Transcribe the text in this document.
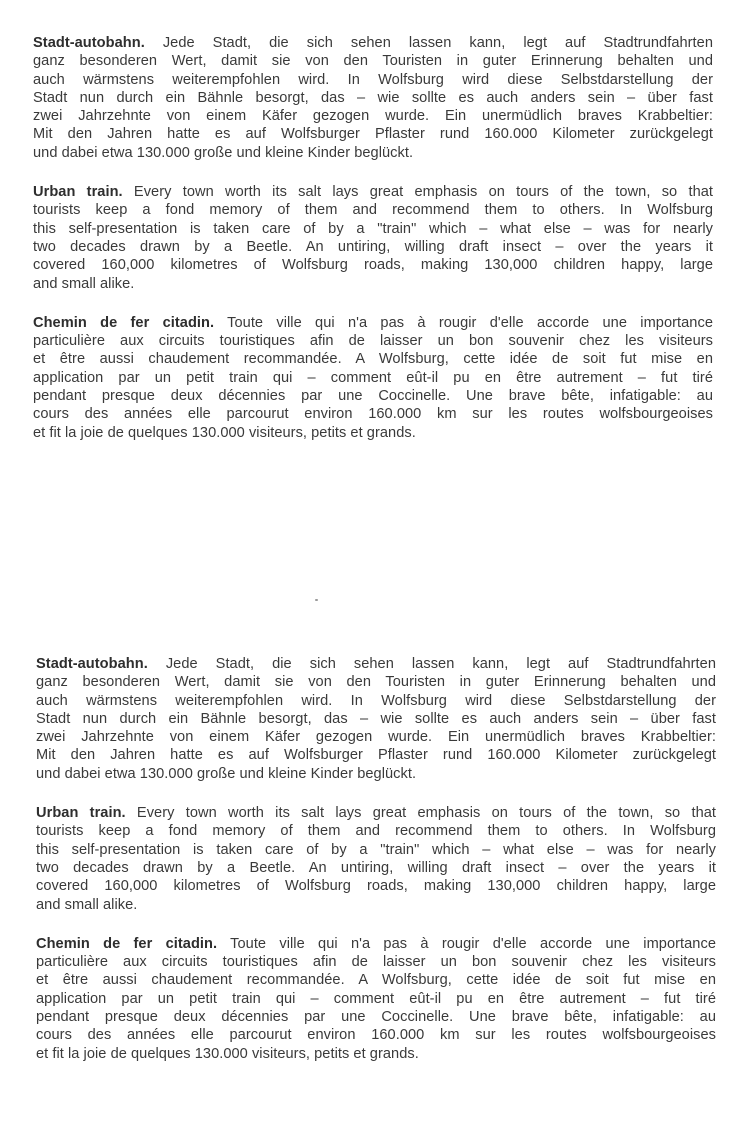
Stadt-autobahn. Jede Stadt, die sich sehen lassen kann, legt auf Stadtrundfahrten
ganz besonderen Wert, damit sie von den Touristen in guter Erinnerung behalten und
auch wärmstens weiterempfohlen wird. In Wolfsburg wird diese Selbstdarstellung der
Stadt nun durch ein Bähnle besorgt, das – wie sollte es auch anders sein – über fast
zwei Jahrzehnte von einem Käfer gezogen wurde. Ein unermüdlich braves Krabbeltier:
Mit den Jahren hatte es auf Wolfsburger Pflaster rund 160.000 Kilometer zurückgelegt
und dabei etwa 130.000 große und kleine Kinder beglückt.

Urban train. Every town worth its salt lays great emphasis on tours of the town, so that
tourists keep a fond memory of them and recommend them to others. In Wolfsburg
this self-presentation is taken care of by a "train" which – what else – was for nearly
two decades drawn by a Beetle. An untiring, willing draft insect – over the years it
covered 160,000 kilometres of Wolfsburg roads, making 130,000 children happy, large
and small alike.

Chemin de fer citadin. Toute ville qui n'a pas à rougir d'elle accorde une importance
particulière aux circuits touristiques afin de laisser un bon souvenir chez les visiteurs
et être aussi chaudement recommandée. A Wolfsburg, cette idée de soit fut mise en
application par un petit train qui – comment eût-il pu en être autrement – fut tiré
pendant presque deux décennies par une Coccinelle. Une brave bête, infatigable: au
cours des années elle parcourut environ 160.000 km sur les routes wolfsbourgeoises
et fit la joie de quelques 130.000 visiteurs, petits et grands.

Stadt-autobahn. Jede Stadt, die sich sehen lassen kann, legt auf Stadtrundfahrten
ganz besonderen Wert, damit sie von den Touristen in guter Erinnerung behalten und
auch wärmstens weiterempfohlen wird. In Wolfsburg wird diese Selbstdarstellung der
Stadt nun durch ein Bähnle besorgt, das – wie sollte es auch anders sein – über fast
zwei Jahrzehnte von einem Käfer gezogen wurde. Ein unermüdlich braves Krabbeltier:
Mit den Jahren hatte es auf Wolfsburger Pflaster rund 160.000 Kilometer zurückgelegt
und dabei etwa 130.000 große und kleine Kinder beglückt.

Urban train. Every town worth its salt lays great emphasis on tours of the town, so that
tourists keep a fond memory of them and recommend them to others. In Wolfsburg
this self-presentation is taken care of by a "train" which – what else – was for nearly
two decades drawn by a Beetle. An untiring, willing draft insect – over the years it
covered 160,000 kilometres of Wolfsburg roads, making 130,000 children happy, large
and small alike.

Chemin de fer citadin. Toute ville qui n'a pas à rougir d'elle accorde une importance
particulière aux circuits touristiques afin de laisser un bon souvenir chez les visiteurs
et être aussi chaudement recommandée. A Wolfsburg, cette idée de soit fut mise en
application par un petit train qui – comment eût-il pu en être autrement – fut tiré
pendant presque deux décennies par une Coccinelle. Une brave bête, infatigable: au
cours des années elle parcourut environ 160.000 km sur les routes wolfsbourgeoises
et fit la joie de quelques 130.000 visiteurs, petits et grands.
